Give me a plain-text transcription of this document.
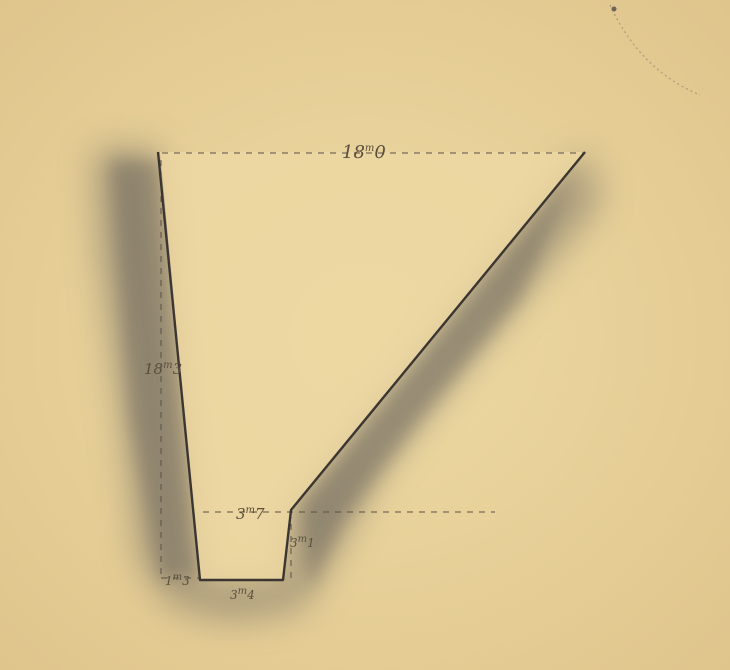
18$^m$0
18$^m$3
3$^m$7
3$^m$1
1$^m$3
3$^m$4
